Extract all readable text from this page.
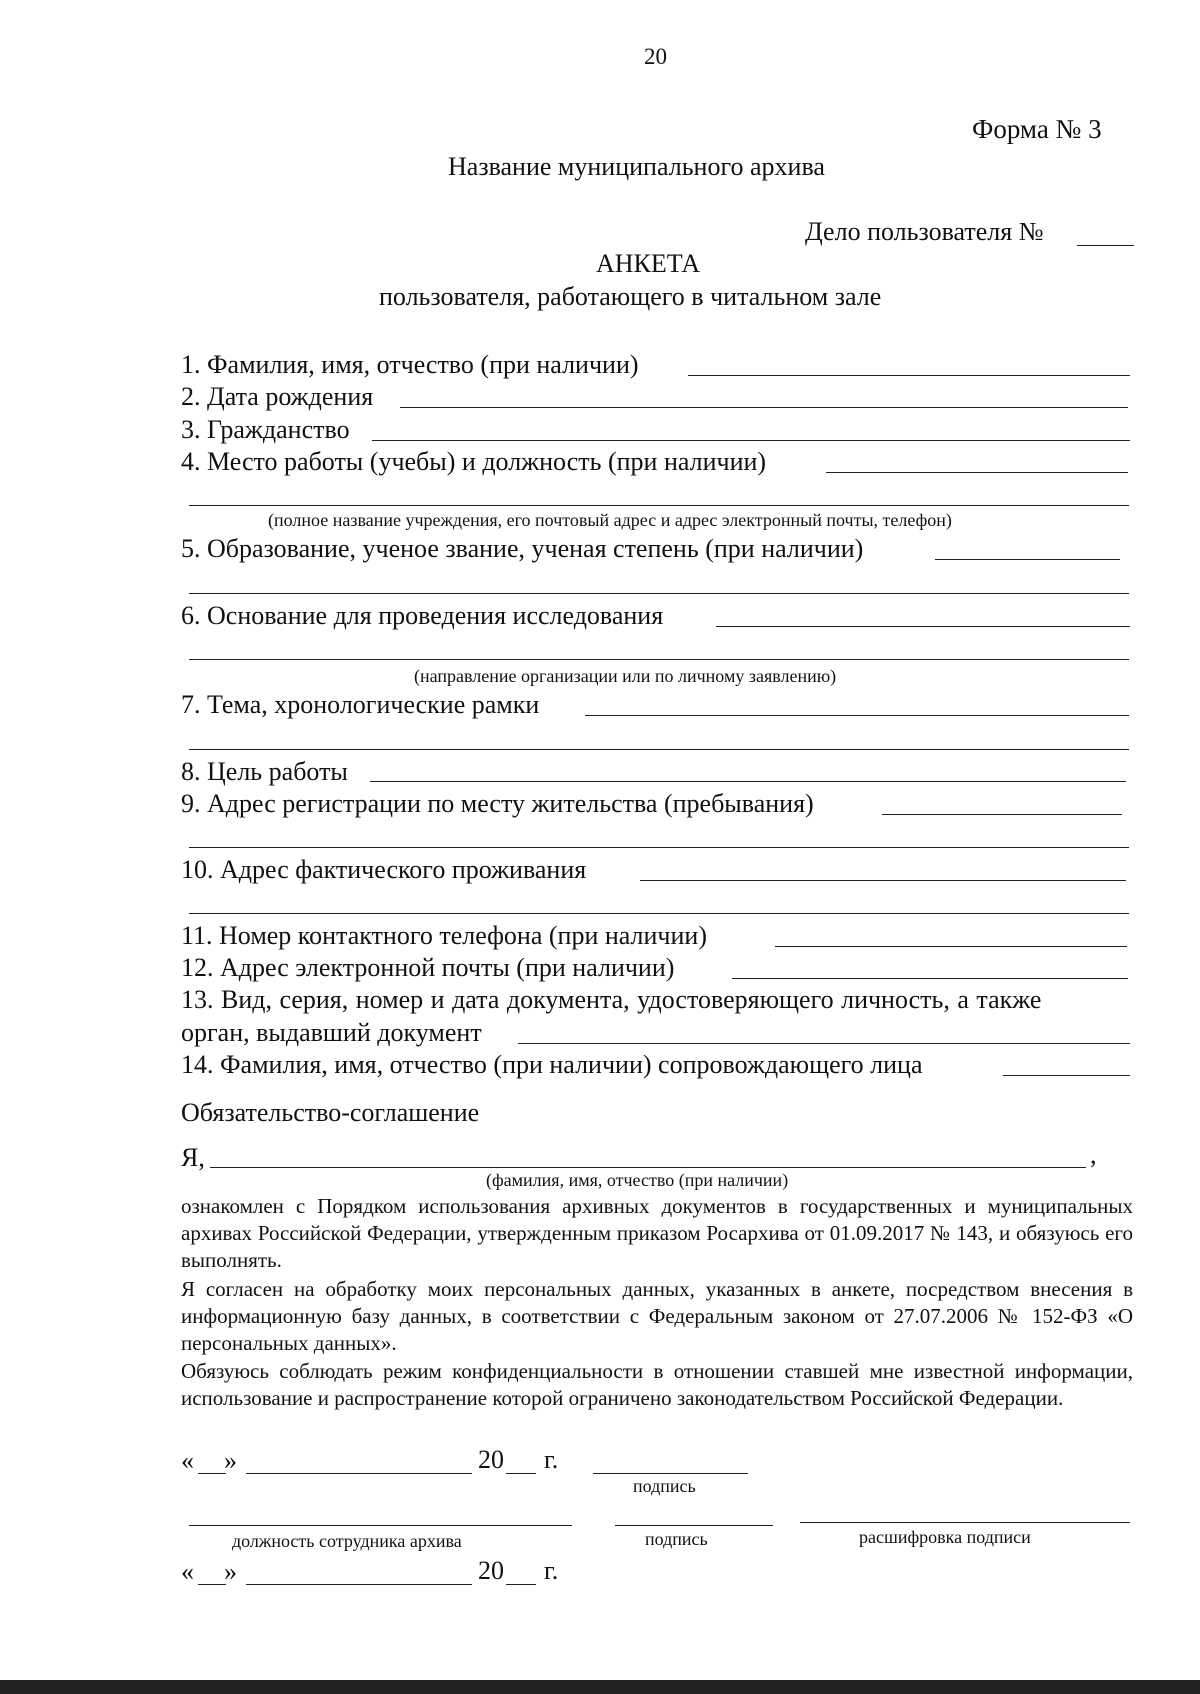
20
Форма № 3
Название муниципального архива
Дело пользователя №
АНКЕТА
пользователя, работающего в читальном зале
1. Фамилия, имя, отчество (при наличии)
2. Дата рождения
3. Гражданство
4. Место работы (учебы) и должность (при наличии)
(полное название учреждения, его почтовый адрес и адрес электронный почты, телефон)
5. Образование, ученое звание, ученая степень (при наличии)
6. Основание для проведения исследования
(направление организации или по личному заявлению)
7. Тема, хронологические рамки
8. Цель работы
9. Адрес регистрации по месту жительства (пребывания)
10. Адрес фактического проживания
11. Номер контактного телефона (при наличии)
12. Адрес электронной почты (при наличии)
13. Вид, серия, номер и дата документа, удостоверяющего личность, а также
орган, выдавший документ
14. Фамилия, имя, отчество (при наличии) сопровождающего лица
Обязательство-соглашение
Я,	,
(фамилия, имя, отчество (при наличии)
ознакомлен с Порядком использования архивных документов в государственных и муниципальных архивах Российской Федерации, утвержденным приказом Росархива от 01.09.2017 № 143, и обязуюсь его выполнять.
Я согласен на обработку моих персональных данных, указанных в анкете, посредством внесения в информационную базу данных, в соответствии с Федеральным законом от 27.07.2006 № 152-ФЗ «О персональных данных».
Обязуюсь соблюдать режим конфиденциальности в отношении ставшей мне известной информации, использование и распространение которой ограничено законодательством Российской Федерации.
« »	20 г.
подпись
должность сотрудника архива	подпись	расшифровка подписи
« »	20 г.
